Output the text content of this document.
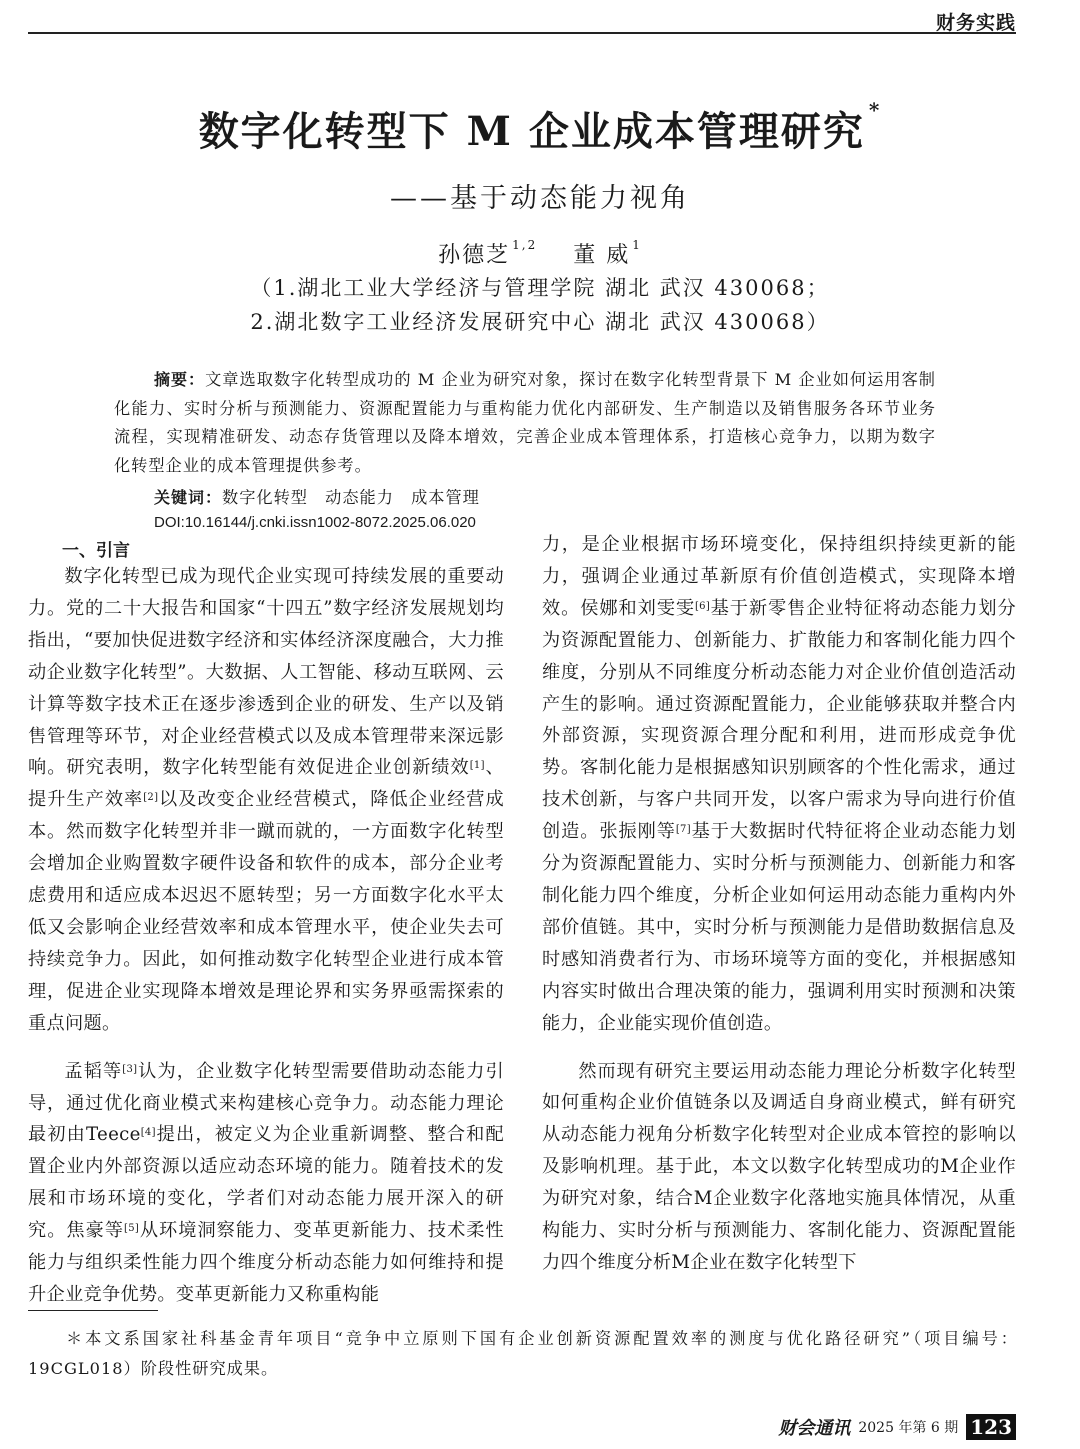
财务实践
数字化转型下 M 企业成本管理研究 *
——基于动态能力视角
孙德芝 $^{1,2}$ 董 威 $^1$
（1.湖北工业大学经济与管理学院 湖北 武汉 430068；
2.湖北数字工业经济发展研究中心 湖北 武汉 430068）
摘要：文章选取数字化转型成功的 M 企业为研究对象，探讨在数字化转型背景下 M 企业如何运用客制化能力、实时分析与预测能力、资源配置能力与重构能力优化内部研发、生产制造以及销售服务各环节业务流程，实现精准研发、动态存货管理以及降本增效，完善企业成本管理体系，打造核心竞争力，以期为数字化转型企业的成本管理提供参考。
关键词：数字化转型　动态能力　成本管理
DOI:10.16144/j.cnki.issn1002-8072.2025.06.020
一、引言

数字化转型已成为现代企业实现可持续发展的重要动力。党的二十大报告和国家“十四五”数字经济发展规划均指出，“要加快促进数字经济和实体经济深度融合，大力推动企业数字化转型”。大数据、人工智能、移动互联网、云计算等数字技术正在逐步渗透到企业的研发、生产以及销售管理等环节，对企业经营模式以及成本管理带来深远影响。研究表明，数字化转型能有效促进企业创新绩效[1]、提升生产效率[2]以及改变企业经营模式，降低企业经营成本。然而数字化转型并非一蹴而就的，一方面数字化转型会增加企业购置数字硬件设备和软件的成本，部分企业考虑费用和适应成本迟迟不愿转型；另一方面数字化水平太低又会影响企业经营效率和成本管理水平，使企业失去可持续竞争力。因此，如何推动数字化转型企业进行成本管理，促进企业实现降本增效是理论界和实务界亟需探索的重点问题。

孟韬等[3]认为，企业数字化转型需要借助动态能力引导，通过优化商业模式来构建核心竞争力。动态能力理论最初由Teece[4]提出，被定义为企业重新调整、整合和配置企业内外部资源以适应动态环境的能力。随着技术的发展和市场环境的变化，学者们对动态能力展开深入的研究。焦豪等[5]从环境洞察能力、变革更新能力、技术柔性能力与组织柔性能力四个维度分析动态能力如何维持和提升企业竞争优势。变革更新能力又称重构能

力，是企业根据市场环境变化，保持组织持续更新的能力，强调企业通过革新原有价值创造模式，实现降本增效。侯娜和刘雯雯[6]基于新零售企业特征将动态能力划分为资源配置能力、创新能力、扩散能力和客制化能力四个维度，分别从不同维度分析动态能力对企业价值创造活动产生的影响。通过资源配置能力，企业能够获取并整合内外部资源，实现资源合理分配和利用，进而形成竞争优势。客制化能力是根据感知识别顾客的个性化需求，通过技术创新，与客户共同开发，以客户需求为导向进行价值创造。张振刚等[7]基于大数据时代特征将企业动态能力划分为资源配置能力、实时分析与预测能力、创新能力和客制化能力四个维度，分析企业如何运用动态能力重构内外部价值链。其中，实时分析与预测能力是借助数据信息及时感知消费者行为、市场环境等方面的变化，并根据感知内容实时做出合理决策的能力，强调利用实时预测和决策能力，企业能实现价值创造。

然而现有研究主要运用动态能力理论分析数字化转型如何重构企业价值链条以及调适自身商业模式，鲜有研究从动态能力视角分析数字化转型对企业成本管控的影响以及影响机理。基于此，本文以数字化转型成功的M企业作为研究对象，结合M企业数字化落地实施具体情况，从重构能力、实时分析与预测能力、客制化能力、资源配置能力四个维度分析M企业在数字化转型下

＊本文系国家社科基金青年项目“竞争中立原则下国有企业创新资源配置效率的测度与优化路径研究”（项目编号：19CGL018）阶段性研究成果。
财会通讯 2025 年第 6 期 123
